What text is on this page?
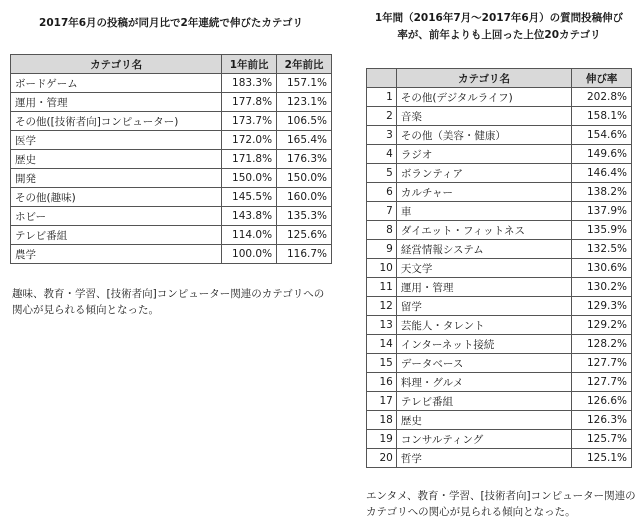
2017年6月の投稿が同月比で2年連続で伸びたカテゴリ

カテゴリ名	1年前比	2年前比
ボードゲーム	183.3%	157.1%
運用・管理	177.8%	123.1%
その他([技術者向]コンピューター)	173.7%	106.5%
医学	172.0%	165.4%
歴史	171.8%	176.3%
開発	150.0%	150.0%
その他(趣味)	145.5%	160.0%
ホビー	143.8%	135.3%
テレビ番組	114.0%	125.6%
農学	100.0%	116.7%

趣味、教育・学習、[技術者向]コンピューター関連のカテゴリへの関心が見られる傾向となった。

1年間（2016年7月～2017年6月）の質問投稿伸び
率が、前年よりも上回った上位20カテゴリ

	カテゴリ名	伸び率
1	その他(デジタルライフ)	202.8%
2	音楽	158.1%
3	その他（美容・健康）	154.6%
4	ラジオ	149.6%
5	ボランティア	146.4%
6	カルチャー	138.2%
7	車	137.9%
8	ダイエット・フィットネス	135.9%
9	経営情報システム	132.5%
10	天文学	130.6%
11	運用・管理	130.2%
12	留学	129.3%
13	芸能人・タレント	129.2%
14	インターネット接続	128.2%
15	データベース	127.7%
16	料理・グルメ	127.7%
17	テレビ番組	126.6%
18	歴史	126.3%
19	コンサルティング	125.7%
20	哲学	125.1%

エンタメ、教育・学習、[技術者向]コンピューター関連のカテゴリへの関心が見られる傾向となった。
